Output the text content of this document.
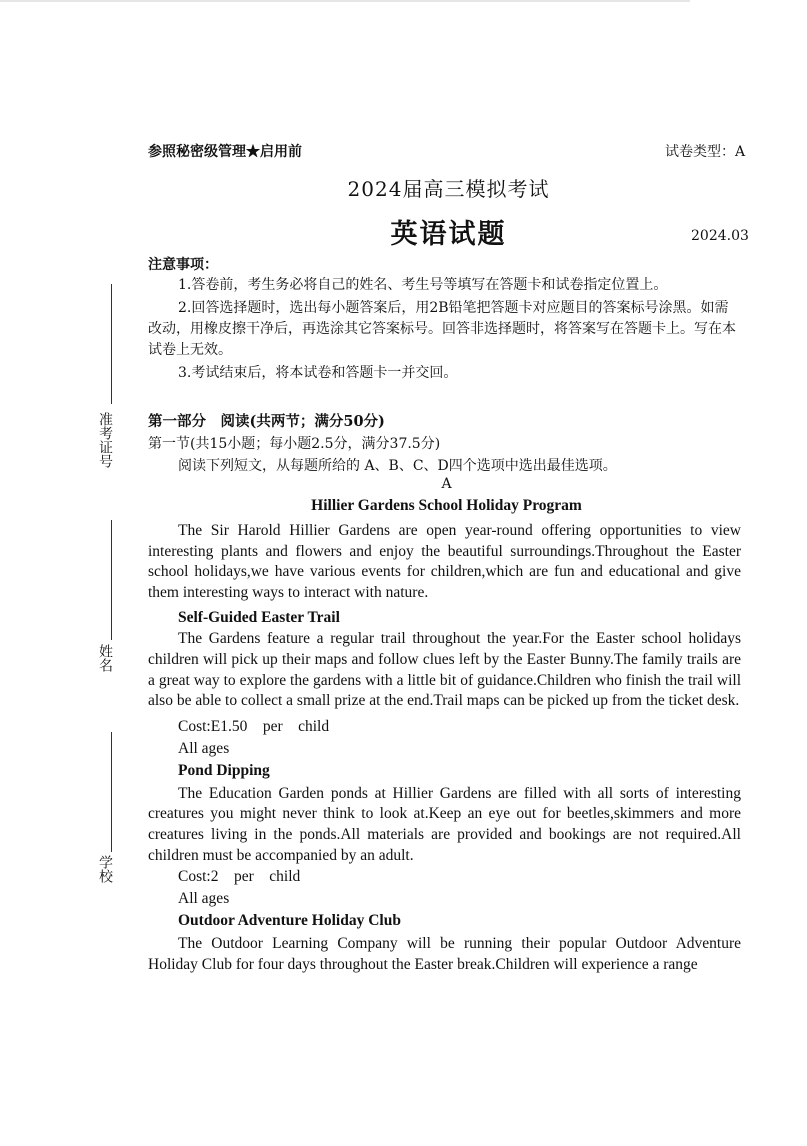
参照秘密级管理★启用前	试卷类型：A
2024届高三模拟考试
英语试题	2024.03
注意事项：
1.答卷前，考生务必将自己的姓名、考生号等填写在答题卡和试卷指定位置上。
2.回答选择题时，选出每小题答案后，用2B铅笔把答题卡对应题目的答案标号涂黑。如需改动，用橡皮擦干净后，再选涂其它答案标号。回答非选择题时，将答案写在答题卡上。写在本试卷上无效。
3.考试结束后，将本试卷和答题卡一并交回。
准考证号
姓名
学校
第一部分　阅读(共两节；满分50分)
第一节(共15小题；每小题2.5分，满分37.5分)
阅读下列短文，从每题所给的 A、B、C、D四个选项中选出最佳选项。
A
Hillier Gardens School Holiday Program

The Sir Harold Hillier Gardens are open year-round offering opportunities to view interesting plants and flowers and enjoy the beautiful surroundings.Throughout the Easter school holidays,we have various events for children,which are fun and educational and give them interesting ways to interact with nature.

Self-Guided Easter Trail

The Gardens feature a regular trail throughout the year.For the Easter school holidays children will pick up their maps and follow clues left by the Easter Bunny.The family trails are a great way to explore the gardens with a little bit of guidance.Children who finish the trail will also be able to collect a small prize at the end.Trail maps can be picked up from the ticket desk.

Cost:E1.50　per　child

All ages

Pond Dipping

The Education Garden ponds at Hillier Gardens are filled with all sorts of interesting creatures you might never think to look at.Keep an eye out for beetles,skimmers and more creatures living in the ponds.All materials are provided and bookings are not required.All children must be accompanied by an adult.

Cost:2　per　child

All ages

Outdoor Adventure Holiday Club

The Outdoor Learning Company will be running their popular Outdoor Adventure Holiday Club for four days throughout the Easter break.Children will experience a range
